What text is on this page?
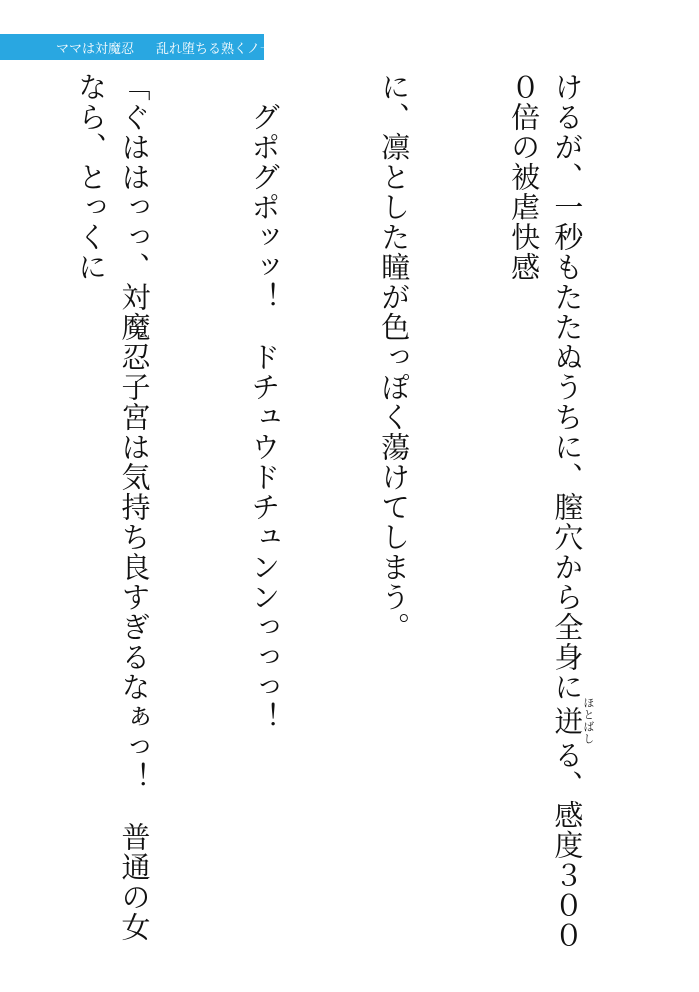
ママは対魔忍 乱れ堕ちる熟くノ一

けるが、一秒もたたぬうちに、膣穴から全身に迸ほとばしる、感度３０００倍の被虐快感

に、凛とした瞳が色っぽく蕩けてしまう。

　グポグポッッ！　ドチュウドチュンンっっっ！

「ぐははっっ、対魔忍子宮は気持ち良すぎるなぁっ！　普通の女なら、とっくに
